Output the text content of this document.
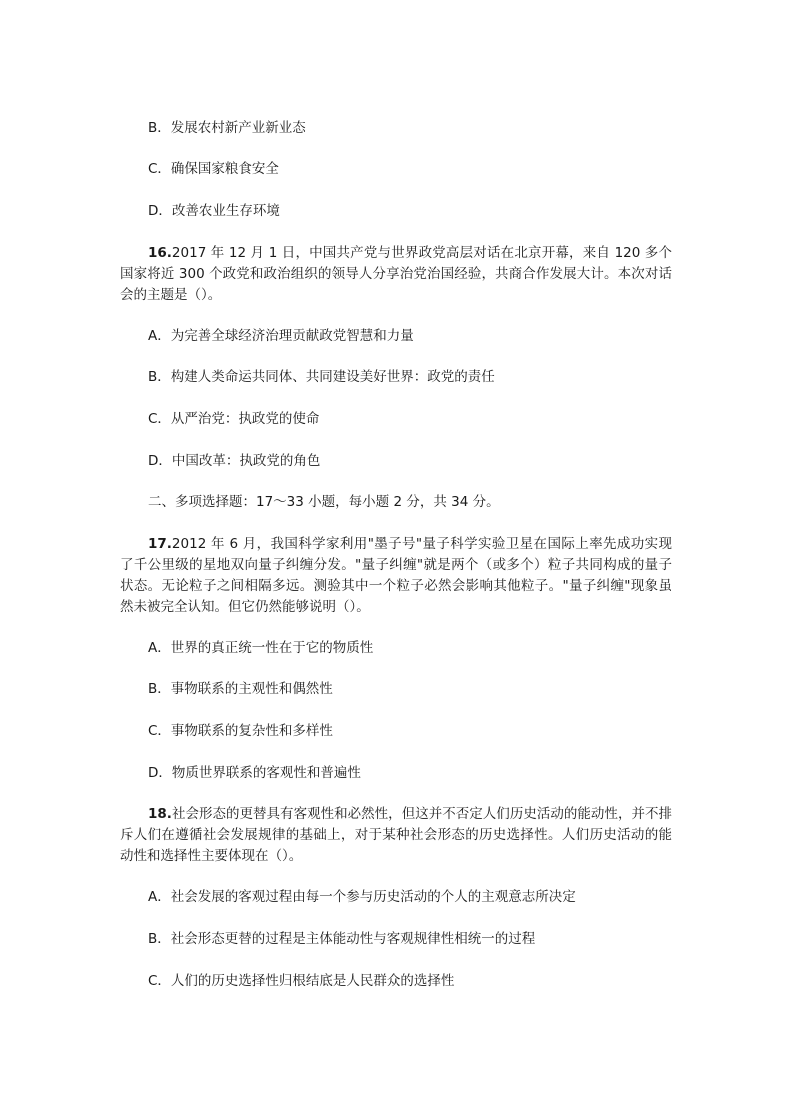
B．发展农村新产业新业态
C．确保国家粮食安全
D．改善农业生存环境
16.2017 年 12 月 1 日，中国共产党与世界政党高层对话在北京开幕，来自 120 多个国家将近 300 个政党和政治组织的领导人分享治党治国经验，共商合作发展大计。本次对话会的主题是（）。
A．为完善全球经济治理贡献政党智慧和力量
B．构建人类命运共同体、共同建设美好世界：政党的责任
C．从严治党：执政党的使命
D．中国改革：执政党的角色
二、多项选择题：17～33 小题，每小题 2 分，共 34 分。
17.2012 年 6 月，我国科学家利用"墨子号"量子科学实验卫星在国际上率先成功实现了千公里级的星地双向量子纠缠分发。"量子纠缠"就是两个（或多个）粒子共同构成的量子状态。无论粒子之间相隔多远。测验其中一个粒子必然会影响其他粒子。"量子纠缠"现象虽然未被完全认知。但它仍然能够说明（）。
A．世界的真正统一性在于它的物质性
B．事物联系的主观性和偶然性
C．事物联系的复杂性和多样性
D．物质世界联系的客观性和普遍性
18.社会形态的更替具有客观性和必然性，但这并不否定人们历史活动的能动性，并不排斥人们在遵循社会发展规律的基础上，对于某种社会形态的历史选择性。人们历史活动的能动性和选择性主要体现在（）。
A．社会发展的客观过程由每一个参与历史活动的个人的主观意志所决定
B．社会形态更替的过程是主体能动性与客观规律性相统一的过程
C．人们的历史选择性归根结底是人民群众的选择性
